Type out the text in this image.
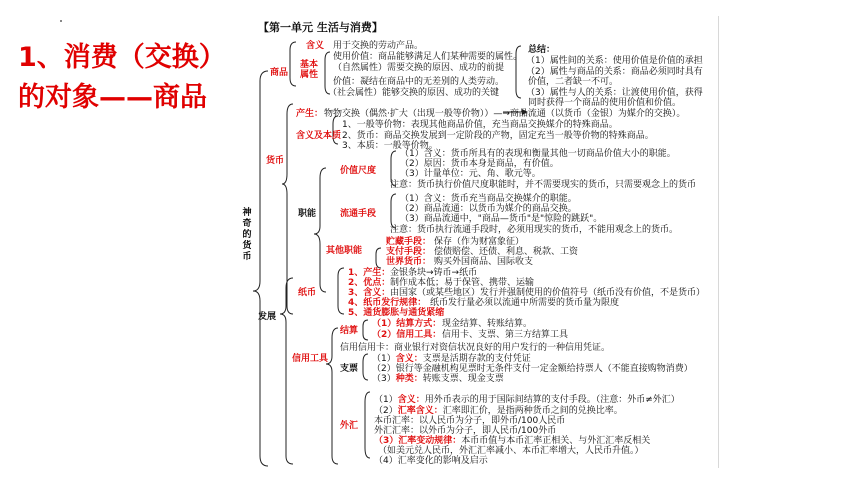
1、消费（交换）
的对象——商品
【第一单元 生活与消费】
神奇的货币
商品
含义 用于交换的劳动产品。
基本属性
使用价值：商品能够满足人们某种需要的属性。
（自然属性）需要交换的原因、成功的前提
价值：凝结在商品中的无差别的人类劳动。
（社会属性）能够交换的原因、成功的关键
总结：
（1）属性间的关系：使用价值是价值的承担
（2）属性与商品的关系：商品必须同时具有
价值，二者缺一不可。
（3）属性与人的关系：让渡使用价值，获得
同时获得一个商品的使用价值和价值。
产生： 物物交换（偶然·扩大（出现一般等价物））—→商品流通（以货币（金银）为媒介的交换）。
含义及本质
1、一般等价物：表现其他商品价值，充当商品交换媒介的特殊商品。
2、货币：商品交换发展到一定阶段的产物，固定充当一般等价物的特殊商品。
3、本质：一般等价物。
货币
职能
价值尺度
（1）含义：货币所具有的表现和衡量其他一切商品价值大小的职能。
（2）原因：货币本身是商品，有价值。
（3）计量单位：元、角、歌元等。
注意：货币执行价值尺度职能时，并不需要现实的货币，只需要观念上的货币
流通手段
（1）含义：货币充当商品交换媒介的职能。
（2）商品流通：以货币为媒介的商品交换。
（3）商品流通中，"商品—货币"是"惊险的跳跃"。
注意：货币执行流通手段时，必须用现实的货币，不能用观念上的货币。
其他职能
贮藏手段： 保存（作为财富象征）
支付手段： 偿债赔偿、还债、利息、税款、工资
世界货币： 购买外国商品、国际收支
发展
纸币
1、产生： 金银条块→铸币→纸币
2、优点： 制作成本低；易于保管、携带、运输
3、含义： 由国家（或某些地区）发行并强制使用的价值符号（纸币没有价值，不是货币）
4、纸币发行规律： 纸币发行量必须以流通中所需要的货币量为限度
5、通货膨胀与通货紧缩
信用工具
结算
（1）结算方式： 现金结算、转账结算。
（2）信用工具： 信用卡、支票、第三方结算工具
信用信用卡：商业银行对资信状况良好的用户发行的一种信用凭证。
支票
（1）含义：支票是活期存款的支付凭证
（2）银行等金融机构见票时无条件支付一定金额给持票人（不能直接购物消费）
（3）种类：转账支票、现金支票
外汇
（1）含义：用外币表示的用于国际间结算的支付手段。（注意：外币≠外汇）
（2）汇率含义：汇率即汇价，是指两种货币之间的兑换比率。
本币汇率：以人民币为分子，即外币/100人民币
外汇汇率：以外币为分子，即人民币/100外币
（3）汇率变动规律：本币币值与本币汇率正相关、与外汇汇率反相关
（如美元兑人民币，外汇汇率减小、本币汇率增大，人民币升值。）
（4）汇率变化的影响及启示
